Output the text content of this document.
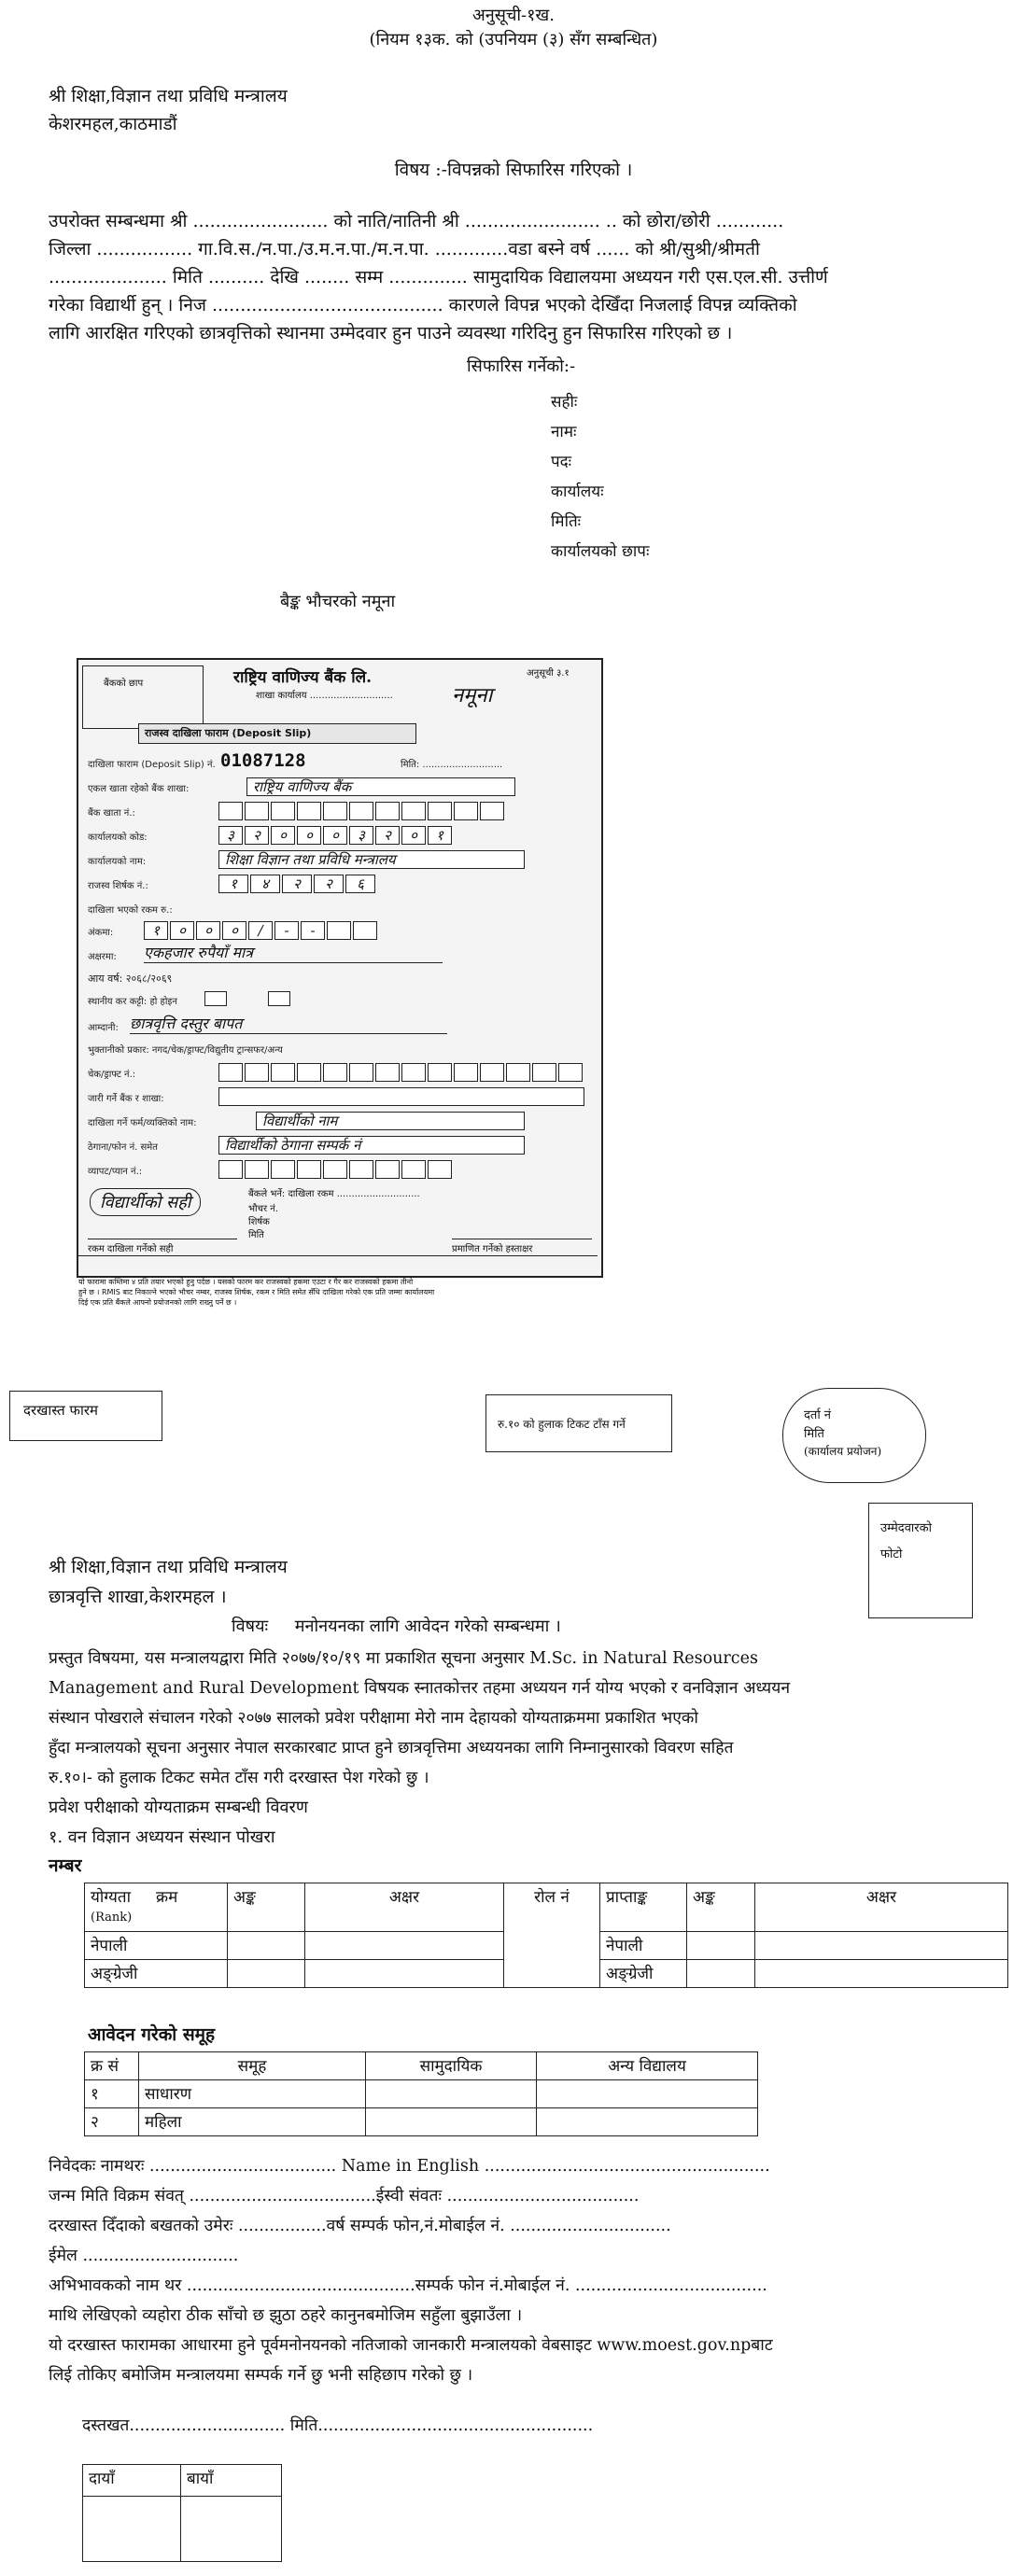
अनुसूची-१ख.
(नियम १३क. को (उपनियम (३) सँग सम्बन्धित)
श्री शिक्षा,विज्ञान तथा प्रविधि मन्त्रालय
केशरमहल,काठमाडौं
विषय :-विपन्नको सिफारिस गरिएको ।
उपरोक्त सम्बन्धमा श्री ........................ को नाति/नातिनी श्री ........................ .. को छोरा/छोरी ............
जिल्ला ................. गा.वि.स./न.पा./उ.म.न.पा./म.न.पा. .............वडा बस्ने वर्ष ...... को श्री/सुश्री/श्रीमती
..................... मिति .......... देखि ........ सम्म .............. सामुदायिक विद्यालयमा अध्ययन गरी एस.एल.सी. उत्तीर्ण
गरेका विद्यार्थी हुन् । निज ......................................... कारणले विपन्न भएको देखिँदा निजलाई विपन्न व्यक्तिको
लागि आरक्षित गरिएको छात्रवृत्तिको स्थानमा उम्मेदवार हुन पाउने व्यवस्था गरिदिनु हुन सिफारिस गरिएको छ ।
सिफारिस गर्नेको:-
सहीः
नामः
पदः
कार्यालयः
मितिः
कार्यालयको छापः
बैङ्क भौचरको नमूना
बैंकको छाप	राष्ट्रिय वाणिज्य बैंक लि.	अनुसूची ३.१
शाखा कार्यालय ............................	नमूना
राजस्व दाखिला फाराम (Deposit Slip)
दाखिला फाराम (Deposit Slip) नं. 01087128	मिति: ...........................
एकल खाता रहेको बैंक शाखा:	राष्ट्रिय वाणिज्य बैंक
बैंक खाता नं.:
कार्यालयको कोड:	३	२	०	०	०	३	२	०	१
कार्यालयको नाम:	शिक्षा विज्ञान तथा प्रविधि मन्त्रालय
राजस्व शिर्षक नं.:	१	४	२	२	६
दाखिला भएको रकम रु.:
अंकमा:	१	०	०	०	/	-	-
अक्षरमा: एकहजार रुपैयाँ मात्र
आय वर्ष: २०६८/२०६९
स्थानीय कर कट्टी: हो होइन
आम्दानी: छात्रवृत्ति दस्तुर बापत
भुक्तानीको प्रकार: नगद/चेक/ड्राफ्ट/विद्युतीय ट्रान्सफर/अन्य
चेक/ड्राफ्ट नं.:
जारी गर्ने बैंक र शाखा:
दाखिला गर्ने फर्म/व्यक्तिको नाम:	विद्यार्थीको नाम
ठेगाना/फोन नं. समेत	विद्यार्थीको ठेगाना सम्पर्क नं
व्यापट/प्यान नं.:
विद्यार्थीको सही	बैंकले भर्ने: दाखिला रकम ............................
भौचर नं.
शिर्षक
मिति
रकम दाखिला गर्नेको सही	प्रमाणित गर्नेको हस्ताक्षर
यो फारामा कम्तिमा ४ प्रति तयार भएको हुनु पर्दछ । यसको फारम कर राजस्वको हकमा एउटा र गैर कर राजस्वको हकमा तीनो
हुने छ । RMIS बाट निकाल्ने भएको भौचर नम्बर, राजस्व शिर्षक, रकम र मिति समेत सँधि दाखिला गरेको एक प्रति जम्मा कार्यालयमा
दिई एक प्रति बैंकले आफ्नो प्रयोजनको लागि राख्नु पर्ने छ ।
दरखास्त फारम
रु.१० को हुलाक टिकट टाँस गर्ने
दर्ता नं
मिति
(कार्यालय प्रयोजन)
उम्मेदवारको
फोटो
श्री शिक्षा,विज्ञान तथा प्रविधि मन्त्रालय
छात्रवृत्ति शाखा,केशरमहल ।
विषयः     मनोनयनका लागि आवेदन गरेको सम्बन्धमा ।
प्रस्तुत विषयमा, यस मन्त्रालयद्वारा मिति २०७७/१०/१९ मा प्रकाशित सूचना अनुसार M.Sc. in Natural Resources
Management and Rural Development विषयक स्नातकोत्तर तहमा अध्ययन गर्न योग्य भएको र वनविज्ञान अध्ययन
संस्थान पोखराले संचालन गरेको २०७७ सालको प्रवेश परीक्षामा मेरो नाम देहायको योग्यताक्रममा प्रकाशित भएको
हुँदा मन्त्रालयको सूचना अनुसार नेपाल सरकारबाट प्राप्त हुने छात्रवृत्तिमा अध्ययनका लागि निम्नानुसारको विवरण सहित
रु.१०।- को हुलाक टिकट समेत टाँस गरी दरखास्त पेश गरेको छु ।
प्रवेश परीक्षाको योग्यताक्रम सम्बन्धी विवरण
१. वन विज्ञान अध्ययन संस्थान पोखरा
नम्बर
योग्यता क्रम
(Rank)	अङ्क	अक्षर	रोल नं	प्राप्ताङ्क	अङ्क	अक्षर
नेपाली				नेपाली		
अङ्ग्रेजी				अङ्ग्रेजी		
आवेदन गरेको समूह
क्र सं	समूह	सामुदायिक	अन्य विद्यालय
१	साधारण		
२	महिला		
निवेदकः नामथरः .................................... Name in English .......................................................
जन्म मिति विक्रम संवत् ....................................ईस्वी संवतः .....................................
दरखास्त दिँदाको बखतको उमेरः .................वर्ष सम्पर्क फोन,नं.मोबाईल नं. ...............................
ईमेल ..............................
अभिभावकको नाम थर ............................................सम्पर्क फोन नं.मोबाईल नं. .....................................
माथि लेखिएको व्यहोरा ठीक साँचो छ झुठा ठहरे कानुनबमोजिम सहुँला बुझाउँला ।
यो दरखास्त फारामका आधारमा हुने पूर्वमनोनयनको नतिजाको जानकारी मन्त्रालयको वेबसाइट www.moest.gov.npबाट
लिई तोकिए बमोजिम मन्त्रालयमा सम्पर्क गर्ने छु भनी सहिछाप गरेको छु ।
दस्तखत.............................. मिति.....................................................
दायाँ	बायाँ
